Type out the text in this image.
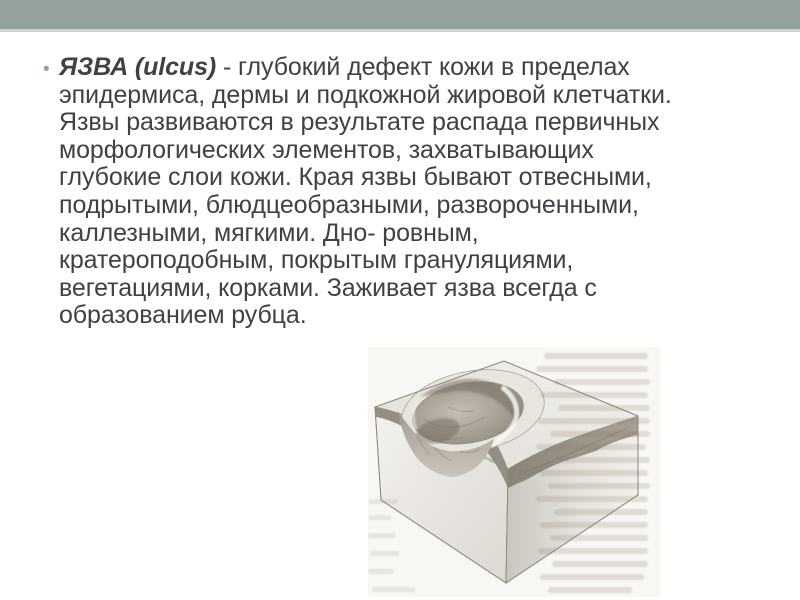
• ЯЗВА (ulcus) - глубокий дефект кожи в пределах
эпидермиса, дермы и подкожной жировой клетчатки.
Язвы развиваются в результате распада первичных
морфологических элементов, захватывающих
глубокие слои кожи. Края язвы бывают отвесными,
подрытыми, блюдцеобразными, развороченными,
каллезными, мягкими. Дно- ровным,
кратероподобным, покрытым грануляциями,
вегетациями, корками. Заживает язва всегда с
образованием рубца.
